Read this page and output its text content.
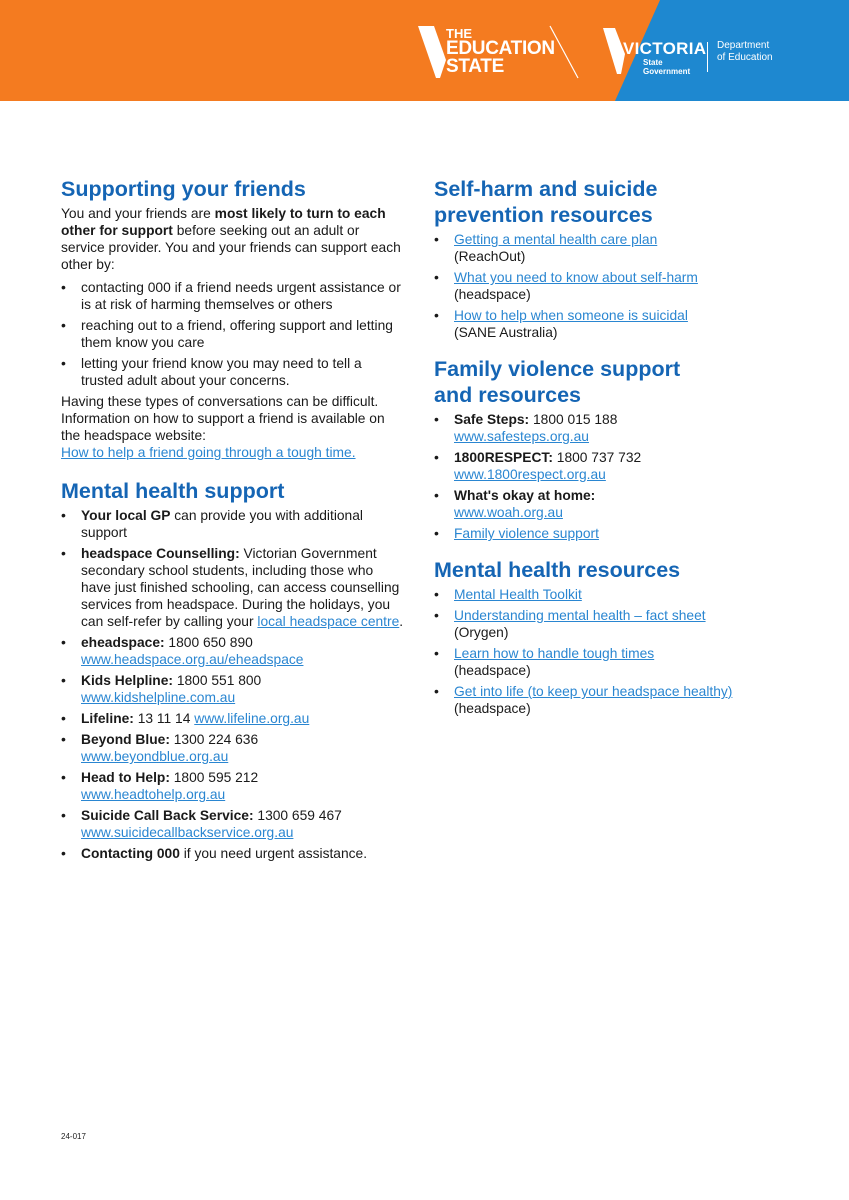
THE
EDUCATION
STATE
VICTORIA
State
Government
Department
of Education
Supporting your friends

You and your friends are most likely to turn to each other for support before seeking out an adult or service provider. You and your friends can support each other by:

• contacting 000 if a friend needs urgent assistance or is at risk of harming themselves or others
• reaching out to a friend, offering support and letting them know you care
• letting your friend know you may need to tell a trusted adult about your concerns.

Having these types of conversations can be difficult. Information on how to support a friend is available on the headspace website:
How to help a friend going through a tough time.

Mental health support
• Your local GP can provide you with additional support
• headspace Counselling: Victorian Government secondary school students, including those who have just finished schooling, can access counselling services from headspace. During the holidays, you can self-refer by calling your local headspace centre.
• eheadspace: 1800 650 890
www.headspace.org.au/eheadspace
• Kids Helpline: 1800 551 800
www.kidshelpline.com.au
• Lifeline: 13 11 14 www.lifeline.org.au
• Beyond Blue: 1300 224 636
www.beyondblue.org.au
• Head to Help: 1800 595 212
www.headtohelp.org.au
• Suicide Call Back Service: 1300 659 467
www.suicidecallbackservice.org.au
• Contacting 000 if you need urgent assistance.
Self-harm and suicide
prevention resources
• Getting a mental health care plan
(ReachOut)
• What you need to know about self-harm
(headspace)
• How to help when someone is suicidal
(SANE Australia)
Family violence support
and resources
• Safe Steps: 1800 015 188
www.safesteps.org.au
• 1800RESPECT: 1800 737 732
www.1800respect.org.au
• What's okay at home:
www.woah.org.au
• Family violence support
Mental health resources
• Mental Health Toolkit
• Understanding mental health – fact sheet
(Orygen)
• Learn how to handle tough times
(headspace)
• Get into life (to keep your headspace healthy)
(headspace)
24-017
